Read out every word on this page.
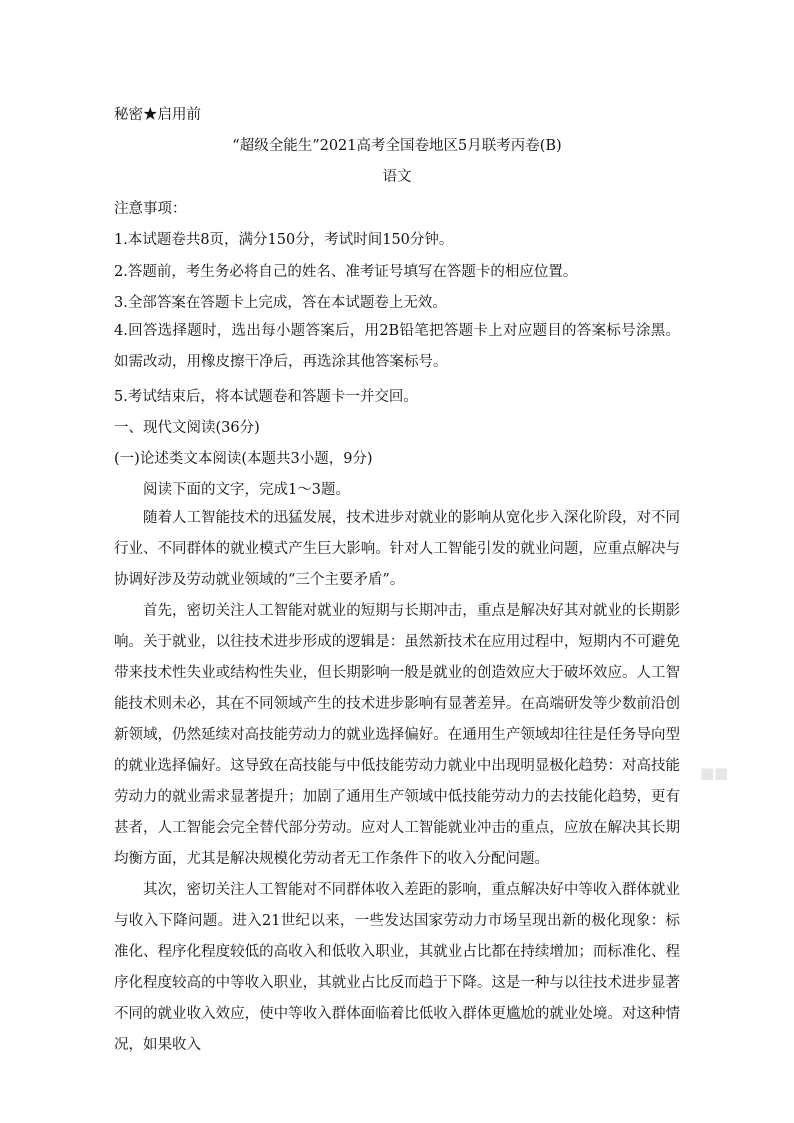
秘密★启用前
“超级全能生”2021高考全国卷地区5月联考丙卷(B)
语文
注意事项：
1.本试题卷共8页，满分150分，考试时间150分钟。
2.答题前，考生务必将自己的姓名、准考证号填写在答题卡的相应位置。
3.全部答案在答题卡上完成，答在本试题卷上无效。
4.回答选择题时，选出每小题答案后，用2B铅笔把答题卡上对应题目的答案标号涂黑。如需改动，用橡皮擦干净后，再选涂其他答案标号。
5.考试结束后，将本试题卷和答题卡一并交回。
一、现代文阅读(36分)
(一)论述类文本阅读(本题共3小题，9分)
阅读下面的文字，完成1～3题。
随着人工智能技术的迅猛发展，技术进步对就业的影响从宽化步入深化阶段，对不同行业、不同群体的就业模式产生巨大影响。针对人工智能引发的就业问题，应重点解决与协调好涉及劳动就业领域的“三个主要矛盾”。
首先，密切关注人工智能对就业的短期与长期冲击，重点是解决好其对就业的长期影响。关于就业，以往技术进步形成的逻辑是：虽然新技术在应用过程中，短期内不可避免带来技术性失业或结构性失业，但长期影响一般是就业的创造效应大于破坏效应。人工智能技术则未必，其在不同领域产生的技术进步影响有显著差异。在高端研发等少数前沿创新领域，仍然延续对高技能劳动力的就业选择偏好。在通用生产领域却往往是任务导向型的就业选择偏好。这导致在高技能与中低技能劳动力就业中出现明显极化趋势：对高技能劳动力的就业需求显著提升；加剧了通用生产领域中低技能劳动力的去技能化趋势，更有甚者，人工智能会完全替代部分劳动。应对人工智能就业冲击的重点，应放在解决其长期均衡方面，尤其是解决规模化劳动者无工作条件下的收入分配问题。
其次，密切关注人工智能对不同群体收入差距的影响，重点解决好中等收入群体就业与收入下降问题。进入21世纪以来，一些发达国家劳动力市场呈现出新的极化现象：标准化、程序化程度较低的高收入和低收入职业，其就业占比都在持续增加；而标准化、程序化程度较高的中等收入职业，其就业占比反而趋于下降。这是一种与以往技术进步显著不同的就业收入效应，使中等收入群体面临着比低收入群体更尴尬的就业处境。对这种情况，如果收入
■■
